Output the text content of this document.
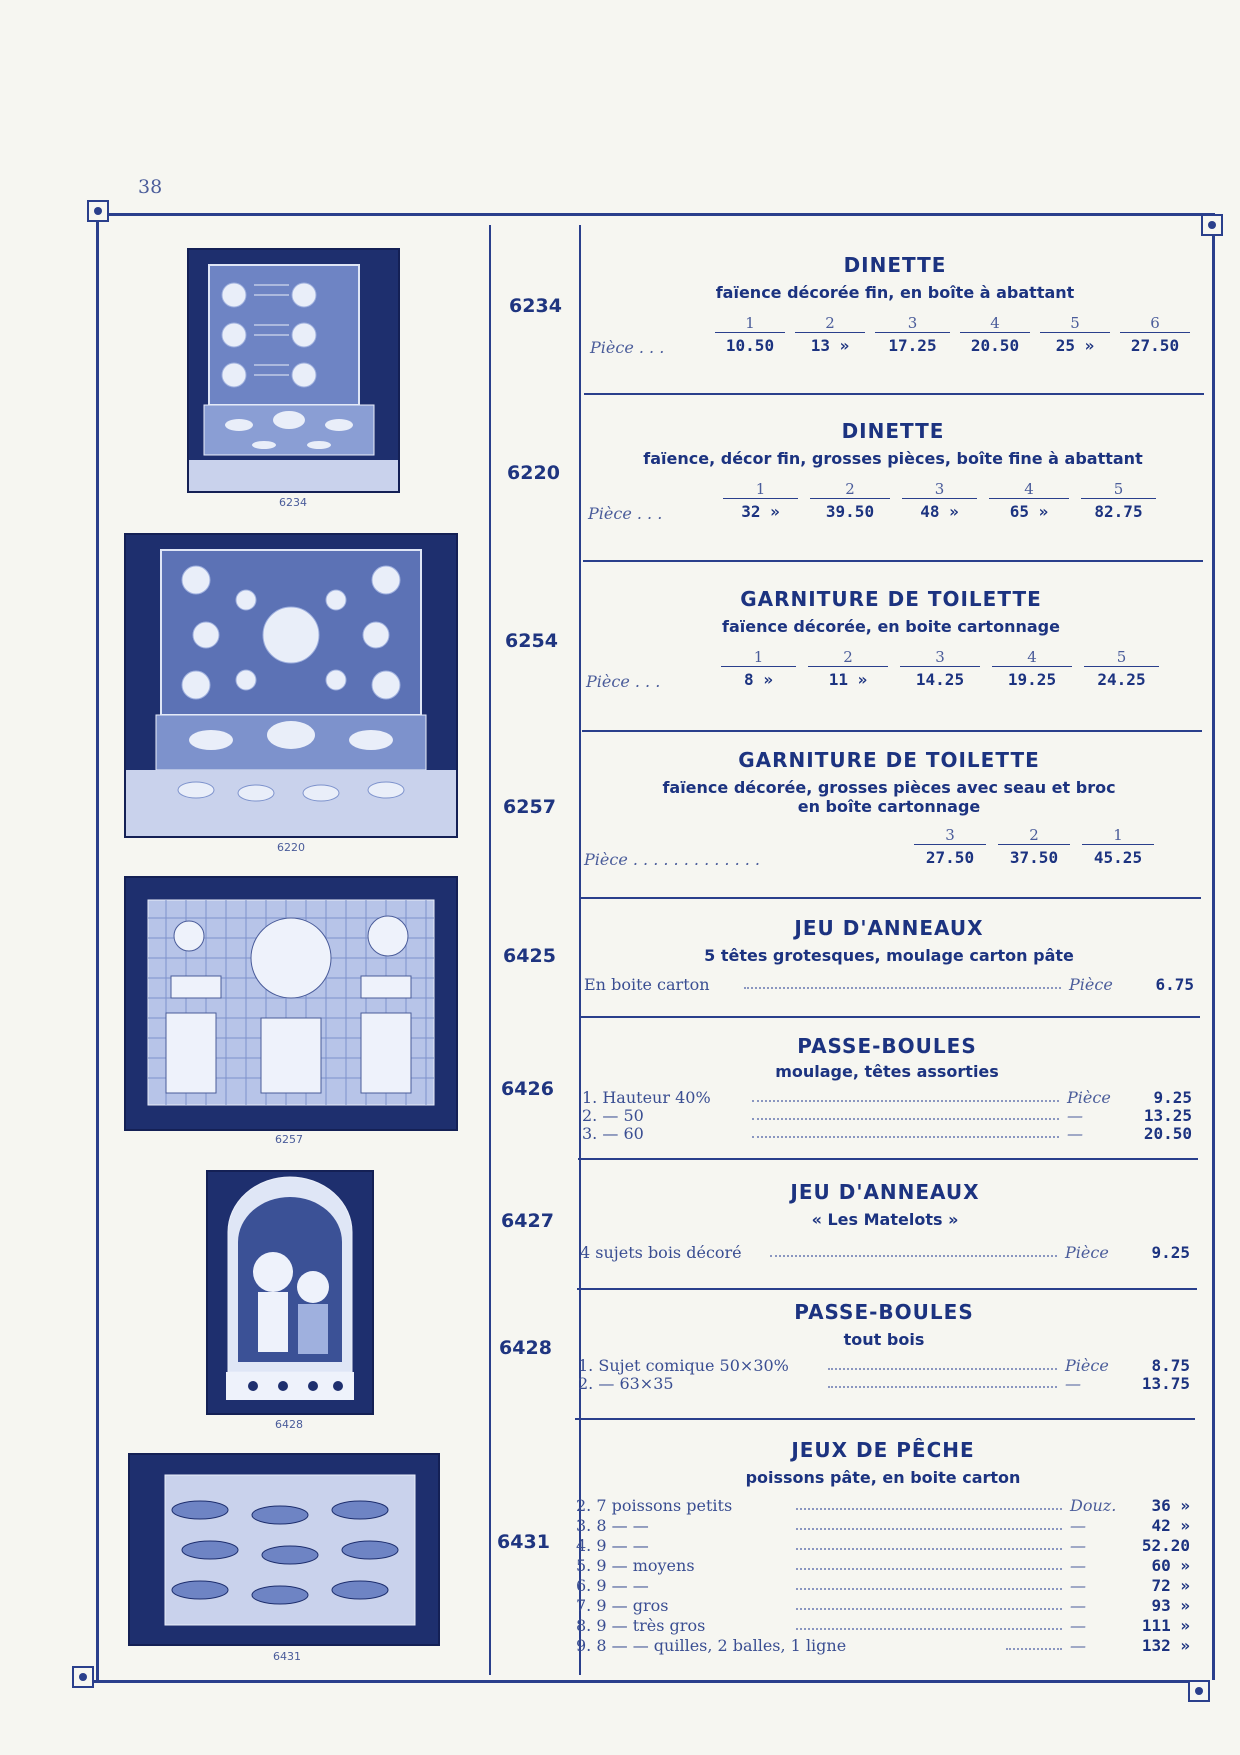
38
6234
6220
6257
6428
6431
6234
6220
6254
6257
6425
6426
6427
6428
6431
DINETTE
faïence décorée fin, en boîte à abattant
Pièce . . .
1	2	3	4	5	6
10.50	13 »	17.25	20.50	25 »	27.50
DINETTE
faïence, décor fin, grosses pièces, boîte fine à abattant
Pièce . . .
1	2	3	4	5
32 »	39.50	48 »	65 »	82.75
GARNITURE DE TOILETTE
faïence décorée, en boite cartonnage
Pièce . . .
1	2	3	4	5
8 »	11 »	14.25	19.25	24.25
GARNITURE DE TOILETTE
faïence décorée, grosses pièces avec seau et broc
en boîte cartonnage
Pièce . . . . . . . . . . . . .
3	2	1
27.50	37.50	45.25
JEU D'ANNEAUX
5 têtes grotesques, moulage carton pâte
En boite carton	Pièce	6.75
PASSE-BOULES
moulage, têtes assorties
1. Hauteur 40%	Pièce	9.25
2. — 50	—	13.25
3. — 60	—	20.50
JEU D'ANNEAUX
« Les Matelots »
4 sujets bois décoré	Pièce	9.25
PASSE-BOULES
tout bois
1. Sujet comique 50×30%	Pièce	8.75
2. — 63×35	—	13.75
JEUX DE PÊCHE
poissons pâte, en boite carton
2. 7 poissons petits	Douz.	36 »
3. 8 — —	—	42 »
4. 9 — —	—	52.20
5. 9 — moyens	—	60 »
6. 9 — —	—	72 »
7. 9 — gros	—	93 »
8. 9 — très gros	—	111 »
9. 8 — — quilles, 2 balles, 1 ligne	—	132 »
